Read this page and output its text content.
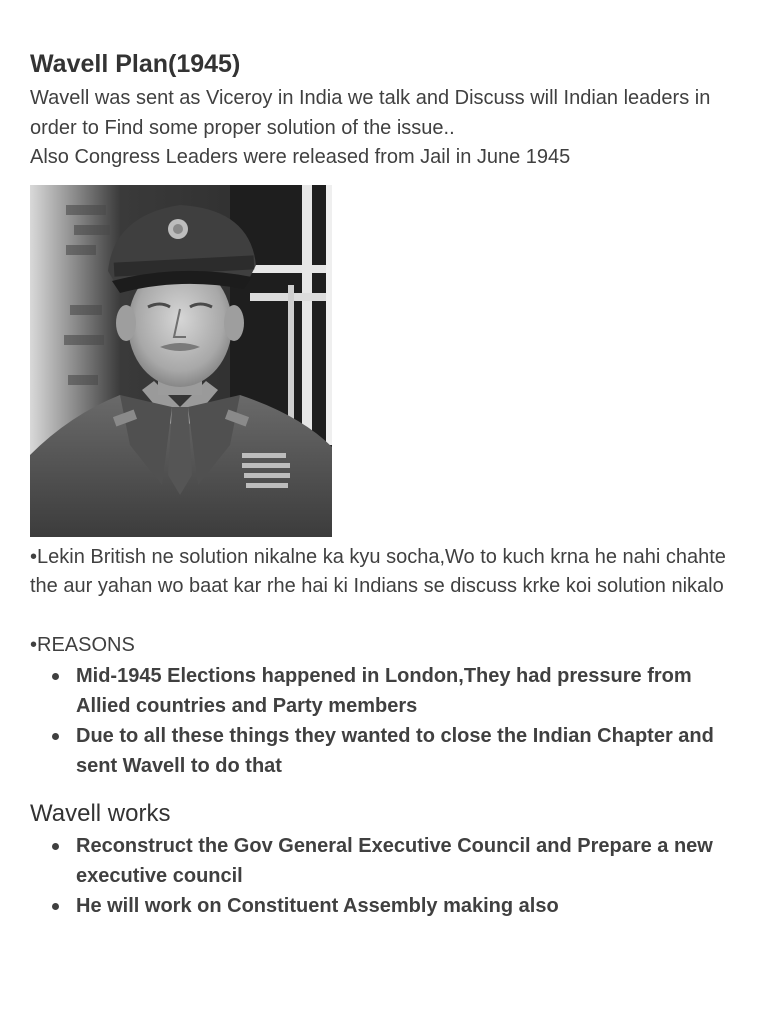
Wavell Plan(1945)

Wavell was sent as Viceroy in India we talk and Discuss will Indian leaders in order to Find some proper solution of the issue..

Also Congress Leaders were released from Jail in June 1945

•Lekin British ne solution nikalne ka kyu socha,Wo to kuch krna he nahi chahte the aur yahan wo baat kar rhe hai ki Indians se discuss krke koi solution nikalo

•REASONS

Mid-1945 Elections happened in London,They had pressure from Allied countries and Party members
Due to all these things they wanted to close the Indian Chapter and sent Wavell to do that
Wavell works
Reconstruct the Gov General Executive Council and Prepare a new executive council
He will work on Constituent Assembly making also
